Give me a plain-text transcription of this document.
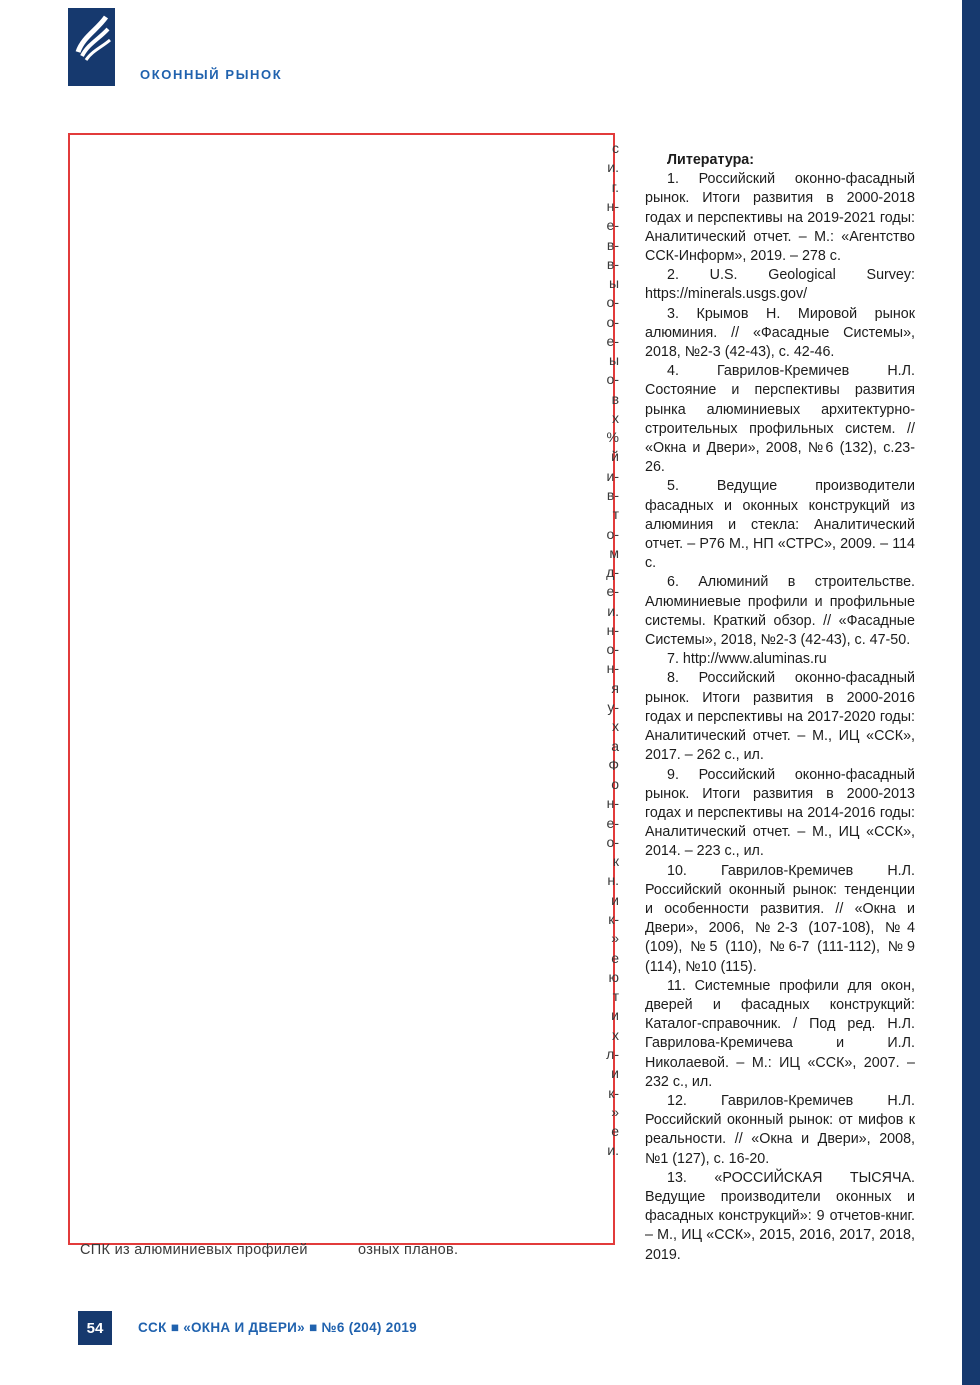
ОКОННЫЙ РЫНОК
с
и.
г.
н-
е-
в-
в-
ы
о-
о-
е-
ы
о-
в
х
%
й
и-
в-
т
о-
м
д-
е-
и.
н-
о-
н-
я
у-
х
а
Ф
о
н-
е-
о-
к
н.
и
к-
»
е
ю
т
и
х
л-
и
к-
»
е
и.
СПК из алюминиевых профилей	озных планов.

Литература:

1. Российский оконно-фасадный рынок. Итоги развития в 2000-2018 годах и перспективы на 2019-2021 годы: Аналитический отчет. – М.: «Агентство ССК-Информ», 2019. – 278 с.

2. U.S. Geological Survey: https://minerals.usgs.gov/

3. Крымов Н. Мировой рынок алюминия. // «Фасадные Системы», 2018, №2-3 (42-43), с. 42-46.

4. Гаврилов-Кремичев Н.Л. Состояние и перспективы развития рынка алюминиевых архитектурно-строительных профильных систем. // «Окна и Двери», 2008, №6 (132), с.23-26.

5. Ведущие производители фасадных и оконных конструкций из алюминия и стекла: Аналитический отчет. – Р76 М., НП «СТРС», 2009. – 114 с.

6. Алюминий в строительстве. Алюминиевые профили и профильные системы. Краткий обзор. // «Фасадные Системы», 2018, №2-3 (42-43), с. 47-50.

7. http://www.aluminas.ru

8. Российский оконно-фасадный рынок. Итоги развития в 2000-2016 годах и перспективы на 2017-2020 годы: Аналитический отчет. – М., ИЦ «ССК», 2017. – 262 с., ил.

9. Российский оконно-фасадный рынок. Итоги развития в 2000-2013 годах и перспективы на 2014-2016 годы: Аналитический отчет. – М., ИЦ «ССК», 2014. – 223 с., ил.

10. Гаврилов-Кремичев Н.Л. Российский оконный рынок: тенденции и особенности развития. // «Окна и Двери», 2006, №2-3 (107-108), №4 (109), №5 (110), №6-7 (111-112), №9 (114), №10 (115).

11. Системные профили для окон, дверей и фасадных конструкций: Каталог-справочник. / Под ред. Н.Л. Гаврилова-Кремичева и И.Л. Николаевой. – М.: ИЦ «ССК», 2007. – 232 с., ил.

12. Гаврилов-Кремичев Н.Л. Российский оконный рынок: от мифов к реальности. // «Окна и Двери», 2008, №1 (127), с. 16-20.

13. «РОССИЙСКАЯ ТЫСЯЧА. Ведущие производители оконных и фасадных конструкций»: 9 отчетов-книг. – М., ИЦ «ССК», 2015, 2016, 2017, 2018, 2019.

54	ССК ■ «ОКНА И ДВЕРИ» ■ №6 (204) 2019
